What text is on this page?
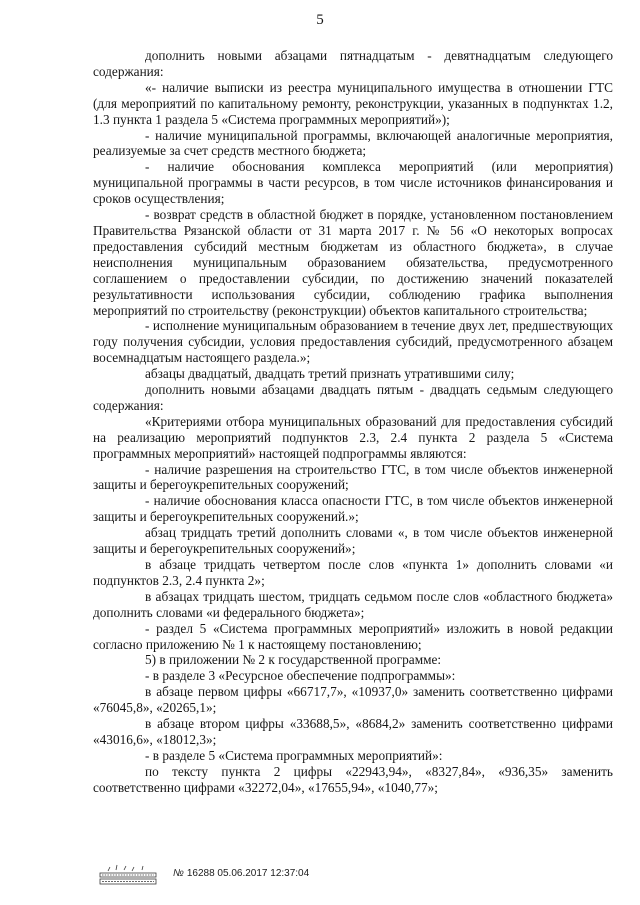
5

дополнить новыми абзацами пятнадцатым - девятнадцатым следующего содержания:

«- наличие выписки из реестра муниципального имущества в отношении ГТС (для мероприятий по капитальному ремонту, реконструкции, указанных в подпунктах 1.2, 1.3 пункта 1 раздела 5 «Система программных мероприятий»);

- наличие муниципальной программы, включающей аналогичные мероприятия, реализуемые за счет средств местного бюджета;

- наличие обоснования комплекса мероприятий (или мероприятия) муниципальной программы в части ресурсов, в том числе источников финансирования и сроков осуществления;

- возврат средств в областной бюджет в порядке, установленном постановлением Правительства Рязанской области от 31 марта 2017 г. № 56 «О некоторых вопросах предоставления субсидий местным бюджетам из областного бюджета», в случае неисполнения муниципальным образованием обязательства, предусмотренного соглашением о предоставлении субсидии, по достижению значений показателей результативности использования субсидии, соблюдению графика выполнения мероприятий по строительству (реконструкции) объектов капитального строительства;

- исполнение муниципальным образованием в течение двух лет, предшествующих году получения субсидии, условия предоставления субсидий, предусмотренного абзацем восемнадцатым настоящего раздела.»;

абзацы двадцатый, двадцать третий признать утратившими силу;

дополнить новыми абзацами двадцать пятым - двадцать седьмым следующего содержания:

«Критериями отбора муниципальных образований для предоставления субсидий на реализацию мероприятий подпунктов 2.3, 2.4 пункта 2 раздела 5 «Система программных мероприятий» настоящей подпрограммы являются:

- наличие разрешения на строительство ГТС, в том числе объектов инженерной защиты и берегоукрепительных сооружений;

- наличие обоснования класса опасности ГТС, в том числе объектов инженерной защиты и берегоукрепительных сооружений.»;

абзац тридцать третий дополнить словами «, в том числе объектов инженерной защиты и берегоукрепительных сооружений»;

в абзаце тридцать четвертом после слов «пункта 1» дополнить словами «и подпунктов 2.3, 2.4 пункта 2»;

в абзацах тридцать шестом, тридцать седьмом после слов «областного бюджета» дополнить словами «и федерального бюджета»;

- раздел 5 «Система программных мероприятий» изложить в новой редакции согласно приложению № 1 к настоящему постановлению;

5) в приложении № 2 к государственной программе:

- в разделе 3 «Ресурсное обеспечение подпрограммы»:

в абзаце первом цифры «66717,7», «10937,0» заменить соответственно цифрами «76045,8», «20265,1»;

в абзаце втором цифры «33688,5», «8684,2» заменить соответственно цифрами «43016,6», «18012,3»;

- в разделе 5 «Система программных мероприятий»:

по тексту пункта 2 цифры «22943,94», «8327,84», «936,35» заменить соответственно цифрами «32272,04», «17655,94», «1040,77»;

№ 16288 05.06.2017 12:37:04
